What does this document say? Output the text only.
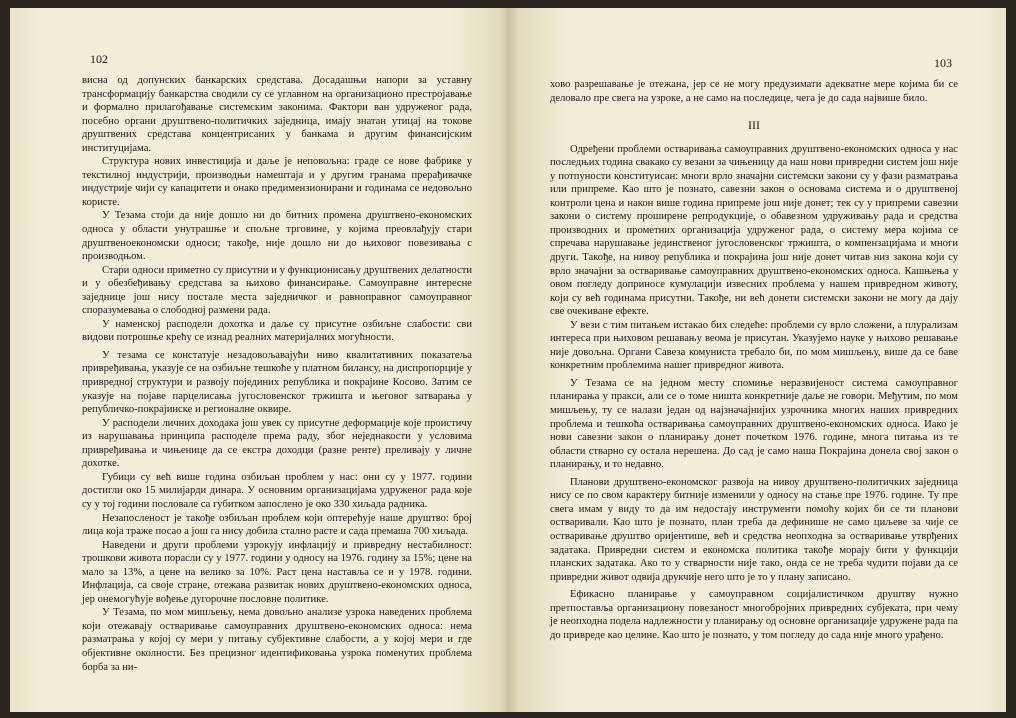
102

висна од допунских банкарских средстава. Досадашњи напори за уставну трансформацију банкарства сводили су се углавном на организационо престројавање и формално прилагођавање системским законима. Фактори ван удруженог рада, посебно органи друштвено-политичких заједница, имају знатан утицај на токове друштвених средстава концентрисаних у банкама и другим финансијским институцијама.

Структура нових инвестиција и даље је неповољна: граде се нове фабрике у текстилној индустрији, производњи намештаја и у другим гранама прерађивачке индустрије чији су капацитети и онако предимензионирани и годинама се недовољно користе.

У Тезама стоји да није дошло ни до битних промена друштвено-економских односа у области унутрашње и спољне трговине, у којима преовлађују стари друштвеноекономски односи; такође, није дошло ни до њиховог повезивања с производњом.

Стари односи приметно су присутни и у функционисању друштвених делатности и у обезбеђивању средстава за њихово финансирање. Самоуправне интересне заједнице још нису постале места заједничког и равноправног самоуправног споразумевања о слободној размени рада.

У наменској расподели дохотка и даље су присутне озбиљне слабости: сви видови потрошње крећу се изнад реалних материјалних могућности.

У тезама се констатује незадовољавајући ниво квалитативних показатеља привређивања, указује се на озбиљне тешкоће у платном билансу, на диспропорције у привредној структури и развоју појединих република и покрајине Косово. Затим се указује на појаве парцелисања југословенског тржишта и његовог затварања у републичко-покрајинске и регионалне оквире.

У расподели личних доходака још увек су присутне деформације које проистичу из нарушавања принципа расподеле према раду, због неједнакости у условима привређивања и чињенице да се екстра доходци (разне ренте) преливају у личне дохотке.

Губици су већ више година озбиљан проблем у нас: они су у 1977. години достигли око 15 милијарди динара. У основним организацијама удруженог рада које су у тој години пословале са губитком запослено је око 330 хиљада радника.

Незапосленост је такође озбиљан проблем који оптерећује наше друштво: број лица која траже посао а још га нису добила стално расте и сада премаша 700 хиљада.

Наведени и други проблеми узрокују инфлацију и привредну нестабилност: трошкови живота порасли су у 1977. години у односу на 1976. годину за 15%; цене на мало за 13%, а цене на велико за 10%. Раст цена наставља се и у 1978. години. Инфлација, са своје стране, отежава развитак нових друштвено-економских односа, јер онемогућује вођење дугорочне пословне политике.

У Тезама, по мом мишљењу, нема довољно анализе узрока наведених проблема који отежавају остваривање самоуправних друштвено-економских односа: нема разматрања у којој су мери у питању субјективне слабости, а у којој мери и где објективне околности. Без прецизног идентификовања узрока поменутих проблема борба за ни-

103

хово разрешавање је отежана, јер се не могу предузимати адекватне мере којима би се деловало пре свега на узроке, а не само на последице, чега је до сада највише било.

III

Одређени проблеми остваривања самоуправних друштвено-економских односа у нас последњих година свакако су везани за чињеницу да наш нови привредни систем још није у потпуности конституисан: многи врло значајни системски закони су у фази разматрања или припреме. Као што је познато, савезни закон о основама система и о друштвеној контроли цена и након више година припреме још није донет; тек су у припреми савезни закони о систему проширене репродукције, о обавезном удруживању рада и средства производних и прометних организација удруженог рада, о систему мера којима се спречава нарушавање јединственог југословенског тржишта, о компензацијама и многи други. Такође, на нивоу република и покрајина још није донет читав низ закона који су врло значајни за остваривање самоуправних друштвено-економских односа. Кашњења у овом погледу доприносе кумулацији извесних проблема у нашем привредном животу, који су већ годинама присутни. Такође, ни већ донети системски закони не могу да дају све очекиване ефекте.

У вези с тим питањем истакао бих следеће: проблеми су врло сложени, а плурализам интереса при њиховом решавању веома је присутан. Указујемо науке у њихово решавање није довољна. Органи Савеза комуниста требало би, по мом мишљењу, више да се баве конкретним проблемима нашег привредног живота.

У Тезама се на једном месту спомиње неразвијеност система самоуправног планирања у пракси, али се о томе ништа конкретније даље не говори. Међутим, по мом мишљењу, ту се налази један од најзначајнијих узрочника многих наших привредних проблема и тешкоћа остваривања самоуправних друштвено-економских односа. Иако је нови савезни закон о планирању донет почетком 1976. године, многа питања из те области стварно су остала нерешена. До сад је само наша Покрајина донела свој закон о планирању, и то недавно.

Планови друштвено-економског развоја на нивоу друштвено-политичких заједница нису се по свом карактеру битније изменили у односу на стање пре 1976. године. Ту пре свега имам у виду то да им недостају инструменти помоћу којих би се ти планови остваривали. Као што је познато, план треба да дефинише не само циљеве за чије се остваривање друштво оријентише, већ и средства неопходна за остваривање утврђених задатака. Привредни систем и економска политика такође морају бити у функцији планских задатака. Ако то у стварности није тако, онда се не треба чудити појави да се привредни живот одвија друкчије него што је то у плану записано.

Ефикасно планирање у самоуправном социјалистичком друштву нужно претпоставља организациону повезаност многобројних привредних субјеката, при чему је неопходна подела надлежности у планирању од основне организације удружене рада па до привреде као целине. Као што је познато, у том погледу до сада није много урађено.
